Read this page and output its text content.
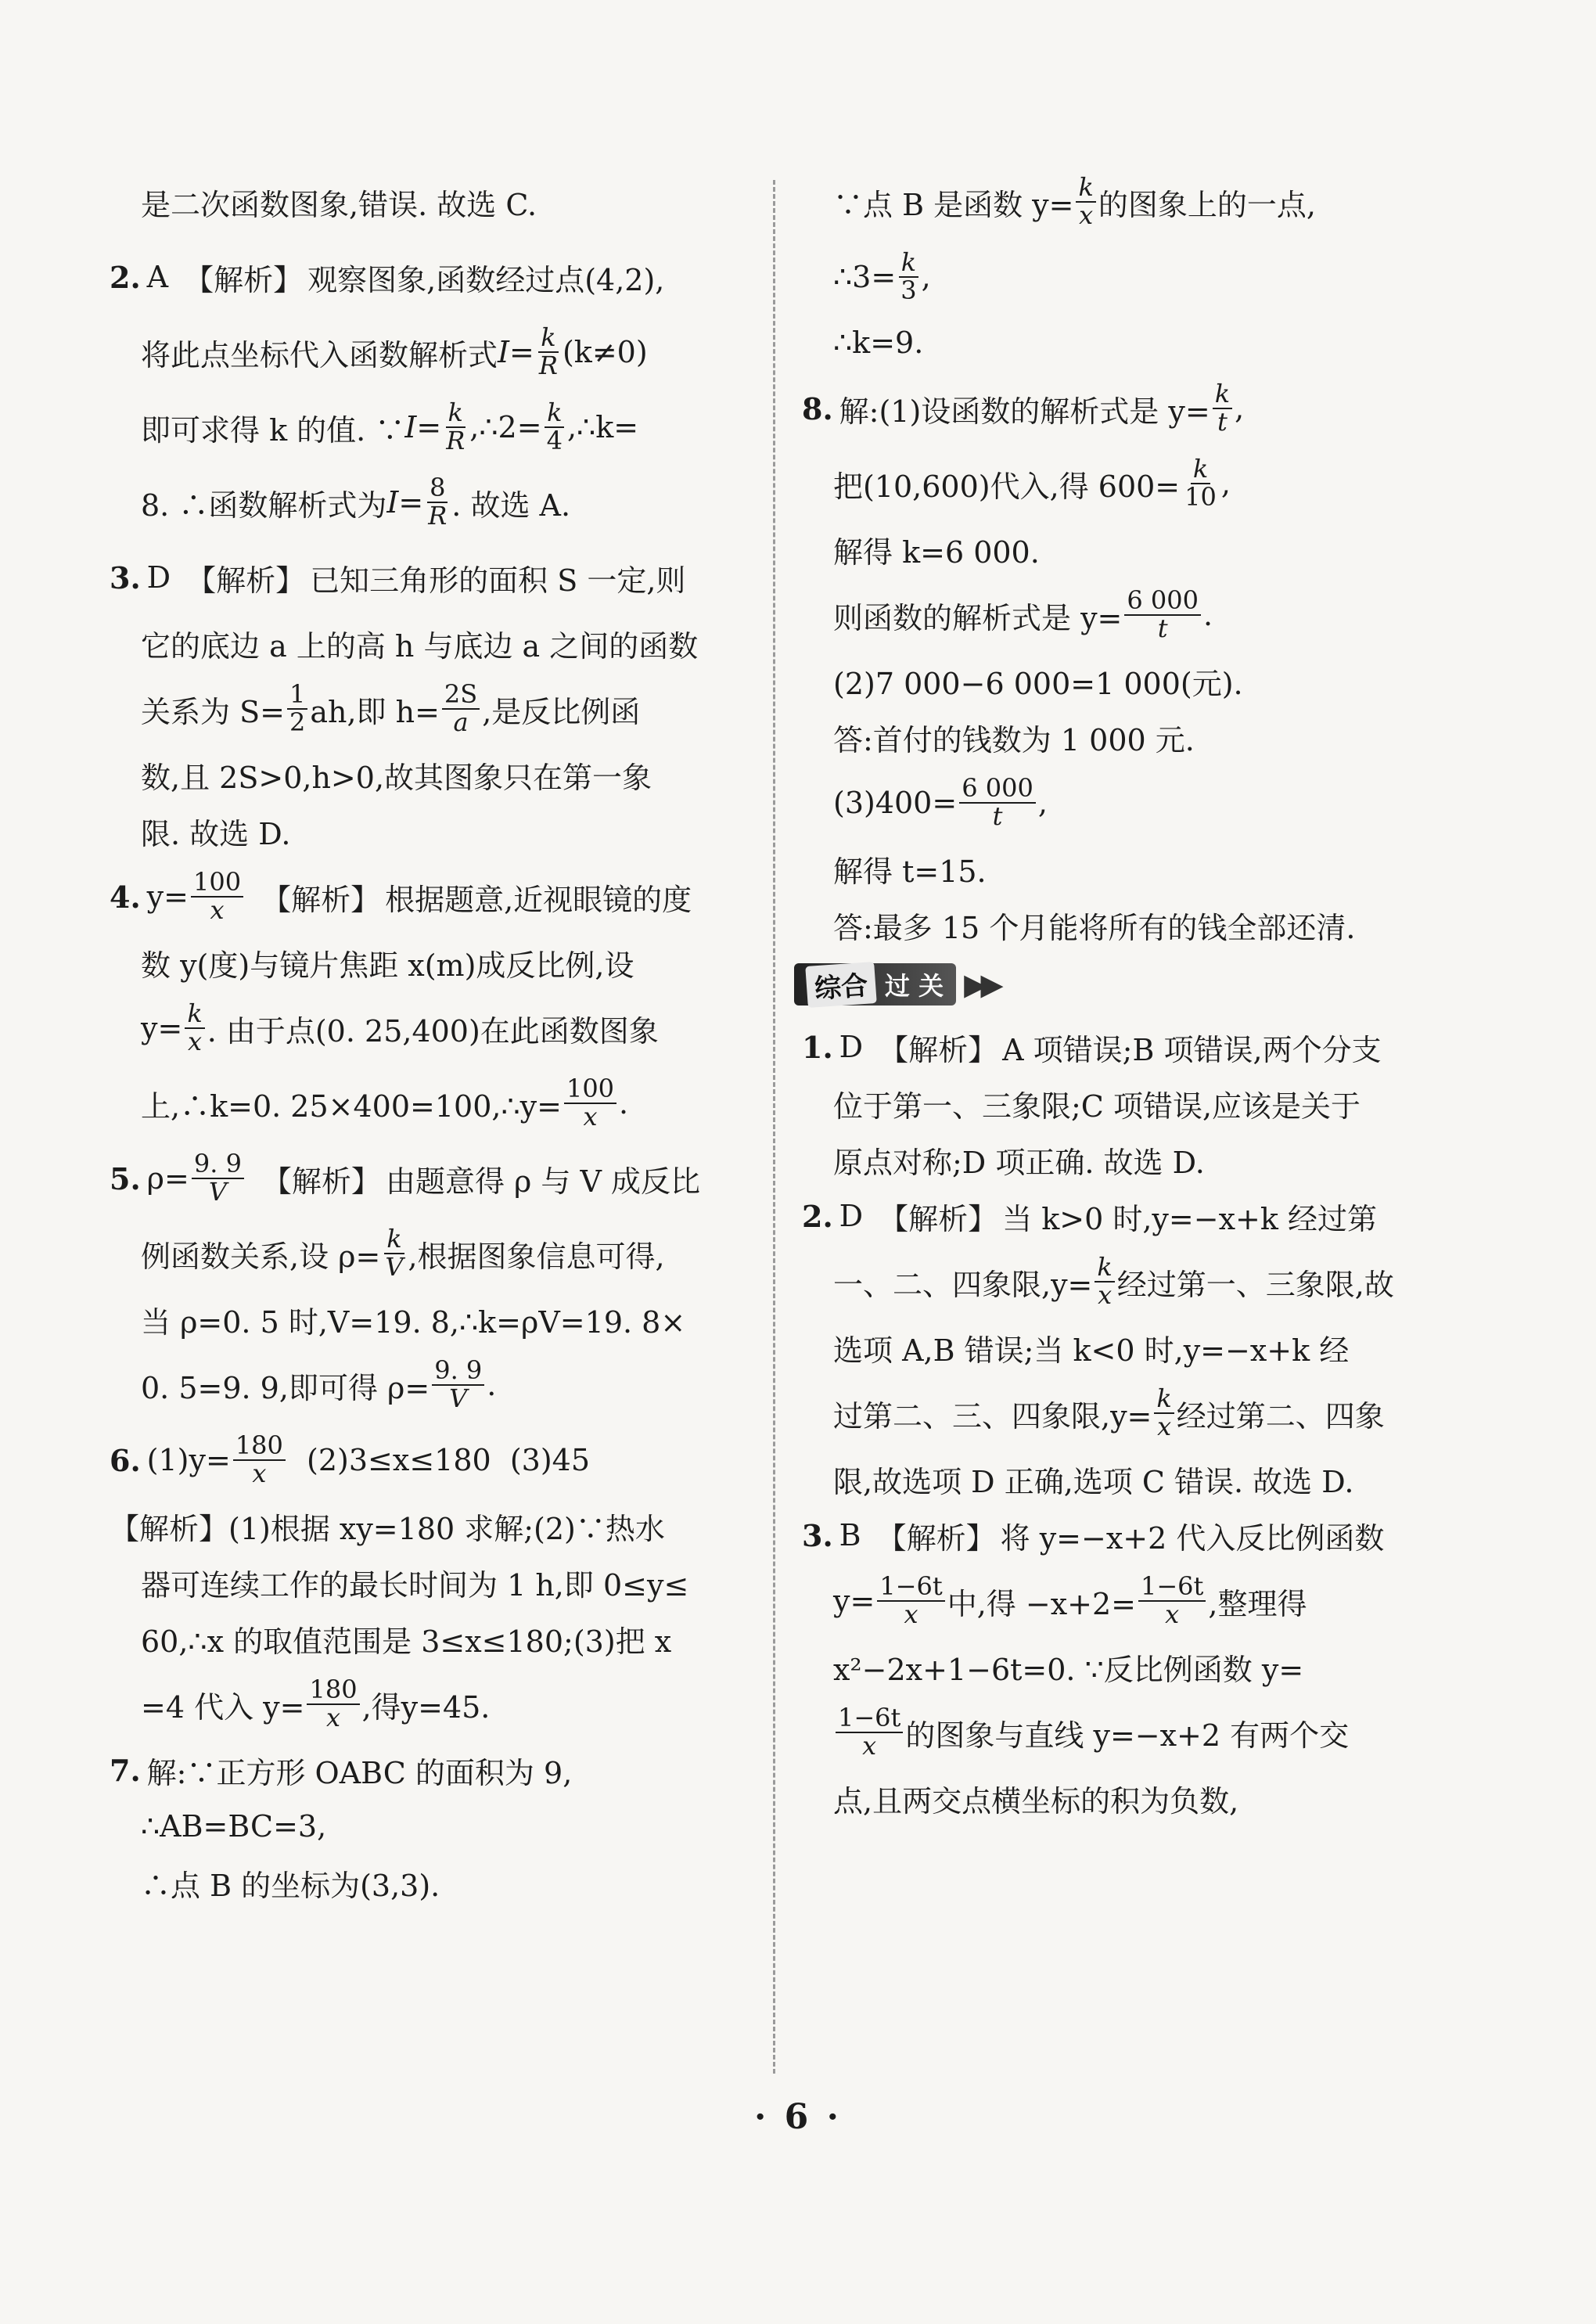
是二次函数图象,错误. 故选 C.
2. A 【解析】 观察图象,函数经过点(4,2),
将此点坐标代入函数解析式 $I = \frac{k}{R} (k\ne 0)$
即可求得 k 的值. ∵ $I = \frac{k}{R}$ ,∴2= $\frac{k}{4}$ ,∴k=
8. ∴函数解析式为 $I = \frac{8}{R}$ . 故选 A.
3. D 【解析】 已知三角形的面积 S 一定,则
它的底边 a 上的高 h 与底边 a 之间的函数
关系为 $S= \frac{1}{2}$ ah,即 $h= \frac{2S}{a}$ ,是反比例函
数,且 2S>0,h>0,故其图象只在第一象
限. 故选 D.
4. $y= \frac{100}{x}$ 【解析】 根据题意,近视眼镜的度
数 y(度)与镜片焦距 x(m)成反比例,设
$y= \frac{k}{x}$ . 由于点(0. 25,400)在此函数图象
上,∴k=0. 25×400=100,∴y= $\frac{100}{x}$ .
5. $\rho= \frac{9. 9}{V}$ 【解析】 由题意得 ρ 与 V 成反比
例函数关系,设 $\rho= \frac{k}{V}$ ,根据图象信息可得,
当 ρ=0. 5 时,V=19. 8,∴k=ρV=19. 8×
0. 5=9. 9,即可得 $\rho= \frac{9. 9}{V}$ .
6. $(1)y= \frac{180}{x} (2)3\le x\le 180$  (3)45
【解析】(1)根据 xy=180 求解;(2)∵热水
器可连续工作的最长时间为 1 h,即 0≤y≤
60,∴x 的取值范围是 3≤x≤180;(3)把 x
=4 代入 $y= \frac{180}{x}$ ,得y=45.
7. 解:∵正方形 OABC 的面积为 9,
∴AB=BC=3,
∴点 B 的坐标为(3,3).
∵点 B 是函数 $y= \frac{k}{x}$ 的图象上的一点,
∴3= $\frac{k}{3}$ ,
∴k=9.
8. 解:(1)设函数的解析式是 $y= \frac{k}{t}$ ,
把(10,600)代入,得 $600= \frac{k}{10}$ ,
解得 k=6 000.
则函数的解析式是 $y= \frac{6 000}{t}$ .
(2)7 000−6 000=1 000(元).
答:首付的钱数为 1 000 元.
$(3)400= \frac{6 000}{t}$ ,
解得 t=15.
答:最多 15 个月能将所有的钱全部还清.
综合 过 关 ▶▶
1. D 【解析】 A 项错误;B 项错误,两个分支
位于第一、三象限;C 项错误,应该是关于
原点对称;D 项正确. 故选 D.
2. D 【解析】 当 k>0 时,y=−x+k 经过第
一、二、四象限$,y= \frac{k}{x}$ 经过第一、三象限,故
选项 A,B 错误;当 k<0 时,y=−x+k 经
过第二、三、四象限$,y= \frac{k}{x}$ 经过第二、四象
限,故选项 D 正确,选项 C 错误. 故选 D.
3. B 【解析】 将 y=−x+2 代入反比例函数
$y= \frac{1-6t}{x}$ 中,得 $-x+2= \frac{1-6t}{x}$ ,整理得
x²−2x+1−6t=0. ∵反比例函数 y=
$\frac{1-6t}{x}$ 的图象与直线 y=−x+2 有两个交
点,且两交点横坐标的积为负数,
· 6 ·
